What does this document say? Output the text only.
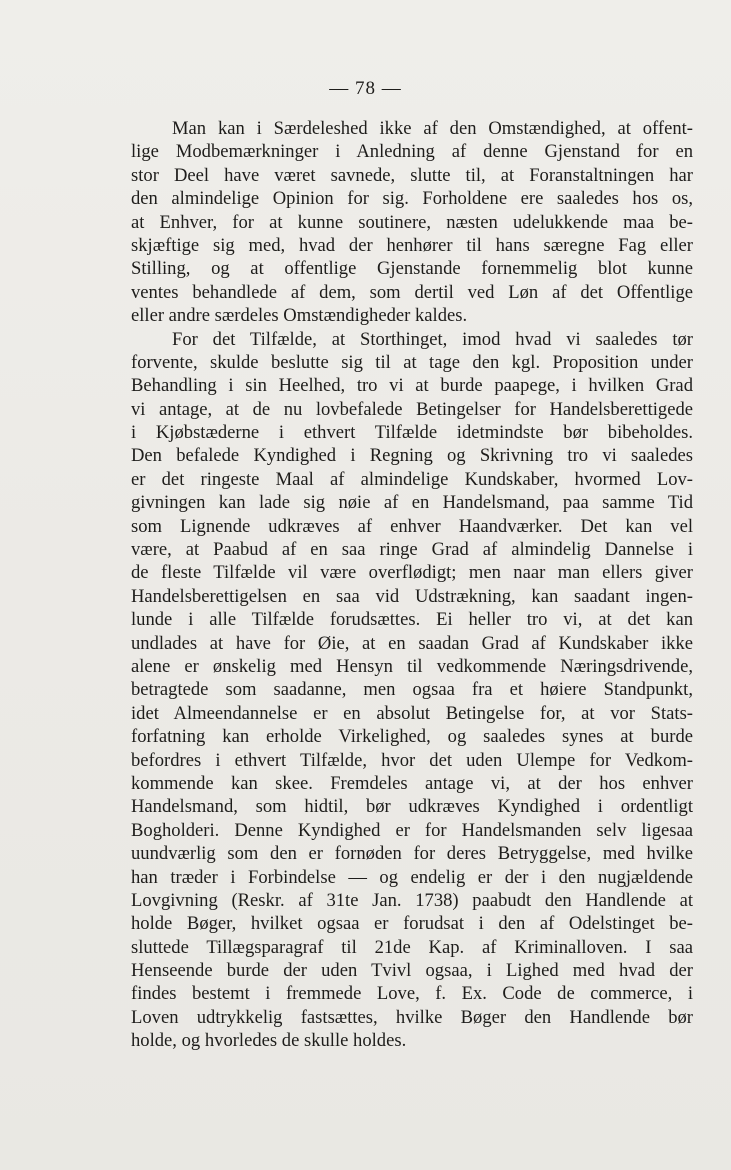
— 78 —
Man kan i Særdeleshed ikke af den Omstændighed, at offent-
lige Modbemærkninger i Anledning af denne Gjenstand for en
stor Deel have været savnede, slutte til, at Foranstaltningen har
den almindelige Opinion for sig. Forholdene ere saaledes hos os,
at Enhver, for at kunne soutinere, næsten udelukkende maa be-
skjæftige sig med, hvad der henhører til hans særegne Fag eller
Stilling, og at offentlige Gjenstande fornemmelig blot kunne
ventes behandlede af dem, som dertil ved Løn af det Offentlige
eller andre særdeles Omstændigheder kaldes.
For det Tilfælde, at Storthinget, imod hvad vi saaledes tør
forvente, skulde beslutte sig til at tage den kgl. Proposition under
Behandling i sin Heelhed, tro vi at burde paapege, i hvilken Grad
vi antage, at de nu lovbefalede Betingelser for Handelsberettigede
i Kjøbstæderne i ethvert Tilfælde idetmindste bør bibeholdes.
Den befalede Kyndighed i Regning og Skrivning tro vi saaledes
er det ringeste Maal af almindelige Kundskaber, hvormed Lov-
givningen kan lade sig nøie af en Handelsmand, paa samme Tid
som Lignende udkræves af enhver Haandværker. Det kan vel
være, at Paabud af en saa ringe Grad af almindelig Dannelse i
de fleste Tilfælde vil være overflødigt; men naar man ellers giver
Handelsberettigelsen en saa vid Udstrækning, kan saadant ingen-
lunde i alle Tilfælde forudsættes. Ei heller tro vi, at det kan
undlades at have for Øie, at en saadan Grad af Kundskaber ikke
alene er ønskelig med Hensyn til vedkommende Næringsdrivende,
betragtede som saadanne, men ogsaa fra et høiere Standpunkt,
idet Almeendannelse er en absolut Betingelse for, at vor Stats-
forfatning kan erholde Virkelighed, og saaledes synes at burde
befordres i ethvert Tilfælde, hvor det uden Ulempe for Vedkom-
kommende kan skee. Fremdeles antage vi, at der hos enhver
Handelsmand, som hidtil, bør udkræves Kyndighed i ordentligt
Bogholderi. Denne Kyndighed er for Handelsmanden selv ligesaa
uundværlig som den er fornøden for deres Betryggelse, med hvilke
han træder i Forbindelse — og endelig er der i den nugjældende
Lovgivning (Reskr. af 31te Jan. 1738) paabudt den Handlende at
holde Bøger, hvilket ogsaa er forudsat i den af Odelstinget be-
sluttede Tillægsparagraf til 21de Kap. af Kriminalloven. I saa
Henseende burde der uden Tvivl ogsaa, i Lighed med hvad der
findes bestemt i fremmede Love, f. Ex. Code de commerce, i
Loven udtrykkelig fastsættes, hvilke Bøger den Handlende bør
holde, og hvorledes de skulle holdes.
